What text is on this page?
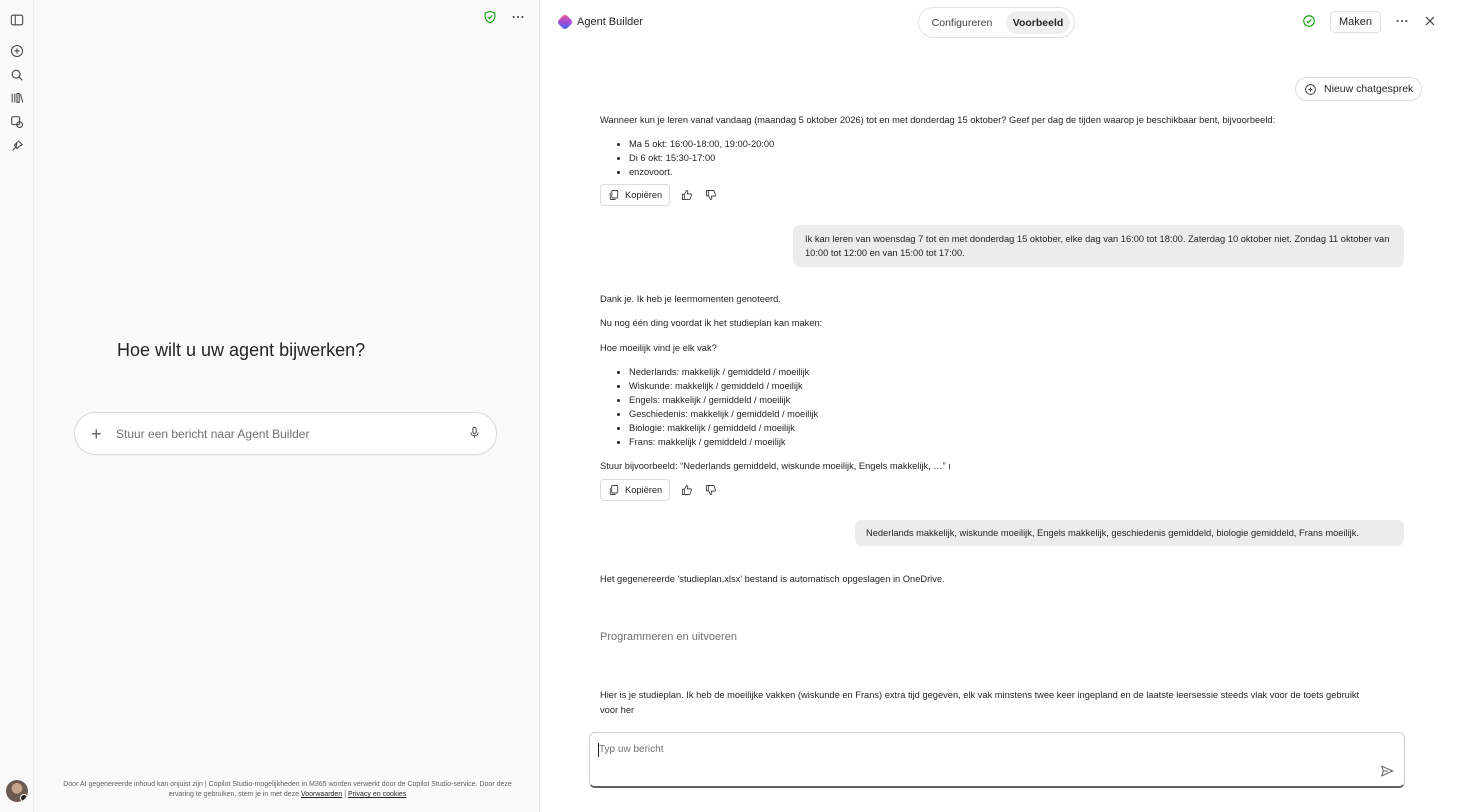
Hoe wilt u uw agent bijwerken?
+ Stuur een bericht naar Agent Builder
Door AI gegenereerde inhoud kan onjuist zijn | Copilot Studio-mogelijkheden in M365 worden verwerkt door de Copilot Studio-service. Door deze ervaring te gebruiken, stem je in met deze Voorwaarden | Privacy en cookies
Agent Builder	Configureren	Voorbeeld	Maken
Nieuw chatgesprek
Wanneer kun je leren vanaf vandaag (maandag 5 oktober 2026) tot en met donderdag 15 oktober? Geef per dag de tijden waarop je beschikbaar bent, bijvoorbeeld:
• Ma 5 okt: 16:00-18:00, 19:00-20:00
• Di 6 okt: 15:30-17:00
• enzovoort.
Kopiëren
Ik kan leren van woensdag 7 tot en met donderdag 15 oktober, elke dag van 16:00 tot 18:00. Zaterdag 10 oktober niet. Zondag 11 oktober van 10:00 tot 12:00 en van 15:00 tot 17:00.
Dank je. Ik heb je leermomenten genoteerd.
Nu nog één ding voordat ik het studieplan kan maken:
Hoe moeilijk vind je elk vak?
• Nederlands: makkelijk / gemiddeld / moeilijk
• Wiskunde: makkelijk / gemiddeld / moeilijk
• Engels: makkelijk / gemiddeld / moeilijk
• Geschiedenis: makkelijk / gemiddeld / moeilijk
• Biologie: makkelijk / gemiddeld / moeilijk
• Frans: makkelijk / gemiddeld / moeilijk
Stuur bijvoorbeeld: “Nederlands gemiddeld, wiskunde moeilijk, Engels makkelijk, …” ı
Kopiëren
Nederlands makkelijk, wiskunde moeilijk, Engels makkelijk, geschiedenis gemiddeld, biologie gemiddeld, Frans moeilijk.
Het gegenereerde 'studieplan.xlsx' bestand is automatisch opgeslagen in OneDrive.
Programmeren en uitvoeren
Hier is je studieplan. Ik heb de moeilijke vakken (wiskunde en Frans) extra tijd gegeven, elk vak minstens twee keer ingepland en de laatste leersessie steeds vlak voor de toets gebruikt voor her
Typ uw bericht
